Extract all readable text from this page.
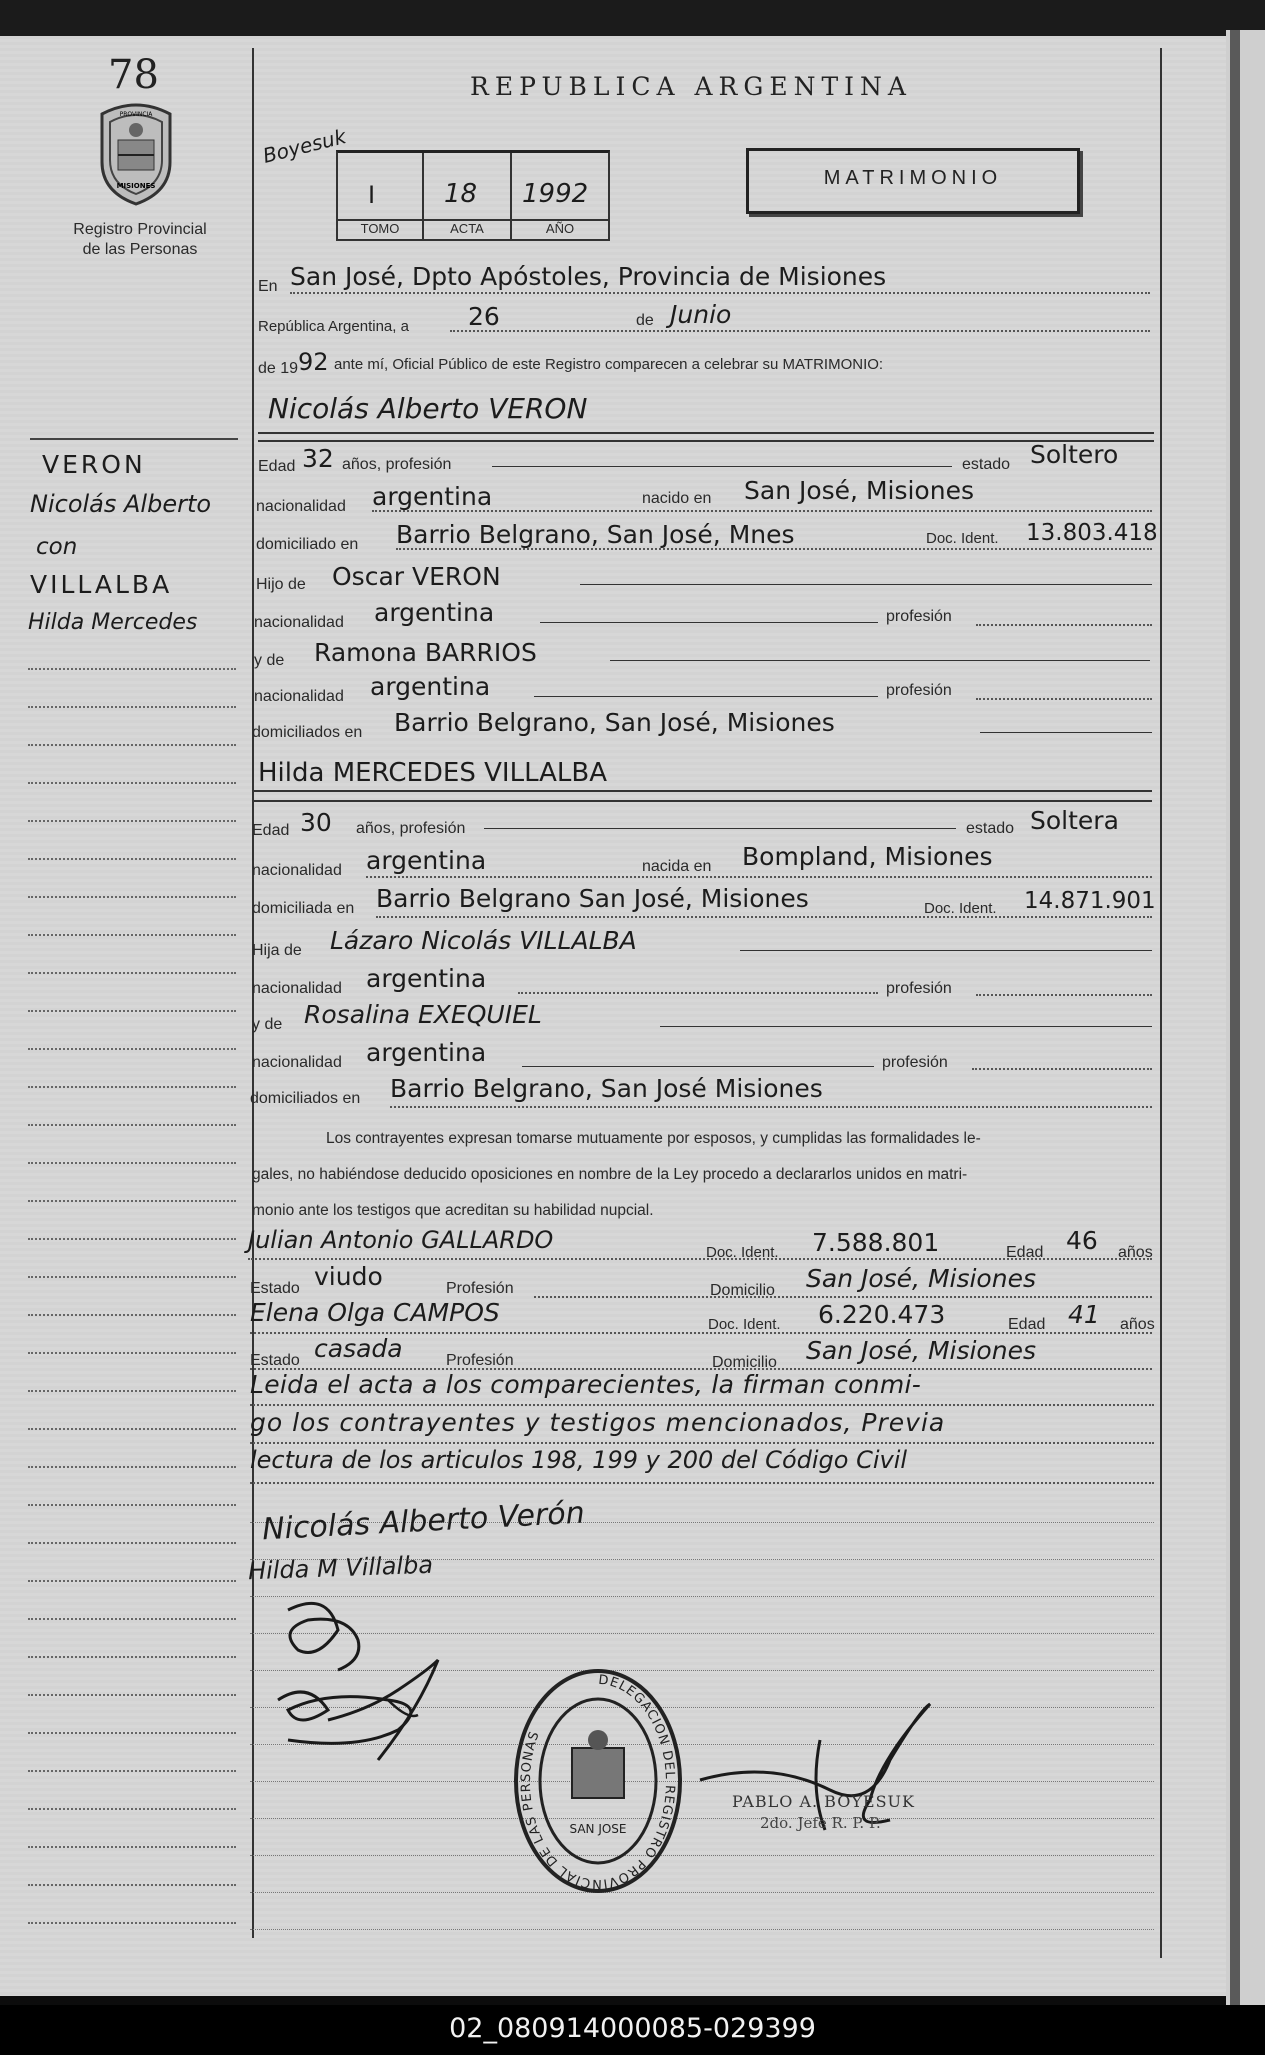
78
PROVINCIA
MISIONES
Registro Provincial
de las Personas
VERON
Nicolás Alberto
con
VILLALBA
Hilda Mercedes
REPUBLICA ARGENTINA
Boyesuk
I
TOMO
18
ACTA
1992
AÑO
MATRIMONIO
En San José, Dpto Apóstoles, Provincia de Misiones
República Argentina, a 26	de Junio
de 19 92 ante mí, Oficial Público de este Registro comparecen a celebrar su MATRIMONIO:
Nicolás Alberto VERON
Edad 32 años, profesión	estado Soltero
nacionalidad argentina	nacido en San José, Misiones
domiciliado en Barrio Belgrano, San José, Mnes	Doc. Ident. 13.803.418
Hijo de Oscar VERON
nacionalidad argentina	profesión
y de Ramona BARRIOS
nacionalidad argentina	profesión
domiciliados en Barrio Belgrano, San José, Misiones
Hilda MERCEDES VILLALBA
Edad 30 años, profesión	estado Soltera
nacionalidad argentina	nacida en Bompland, Misiones
domiciliada en Barrio Belgrano San José, Misiones	Doc. Ident. 14.871.901
Hija de Lázaro Nicolás VILLALBA
nacionalidad argentina	profesión
y de Rosalina EXEQUIEL
nacionalidad argentina	profesión
domiciliados en Barrio Belgrano, San José Misiones
Los contrayentes expresan tomarse mutuamente por esposos, y cumplidas las formalidades le-
gales, no habiéndose deducido oposiciones en nombre de la Ley procedo a declararlos unidos en matri-
monio ante los testigos que acreditan su habilidad nupcial.
Julian Antonio GALLARDO	Doc. Ident. 7.588.801	Edad 46 años
Estado viudo	Profesión	Domicilio San José, Misiones
Elena Olga CAMPOS	Doc. Ident. 6.220.473	Edad 41 años
Estado casada	Profesión	Domicilio San José, Misiones
Leida el acta a los comparecientes, la firman conmi-
go los contrayentes y testigos mencionados, Previa
lectura de los articulos 198, 199 y 200 del Código Civil
Nicolás Alberto Verón
Hilda M Villalba
DELEGACION DEL REGISTRO PROVINCIAL DE LAS PERSONAS
SAN JOSE
PABLO A. BOYESUK
2do. Jefe R. P. P.
02_080914000085-029399
